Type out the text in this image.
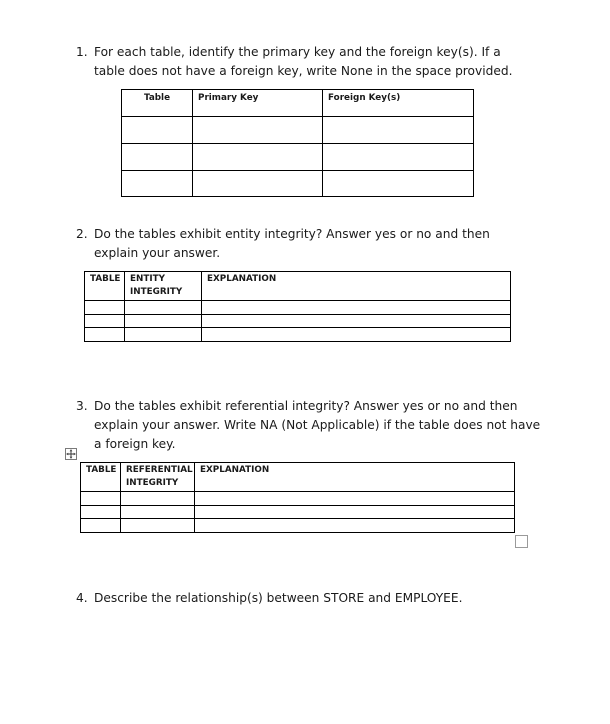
1. For each table, identify the primary key and the foreign key(s). If a table does not have a foreign key, write None in the space provided.
Table	Primary Key	Foreign Key(s)

2. Do the tables exhibit entity integrity? Answer yes or no and then explain your answer.
TABLE	ENTITY INTEGRITY	EXPLANATION

3. Do the tables exhibit referential integrity? Answer yes or no and then explain your answer. Write NA (Not Applicable) if the table does not have a foreign key.
TABLE	REFERENTIAL INTEGRITY	EXPLANATION

4. Describe the relationship(s) between STORE and EMPLOYEE.
